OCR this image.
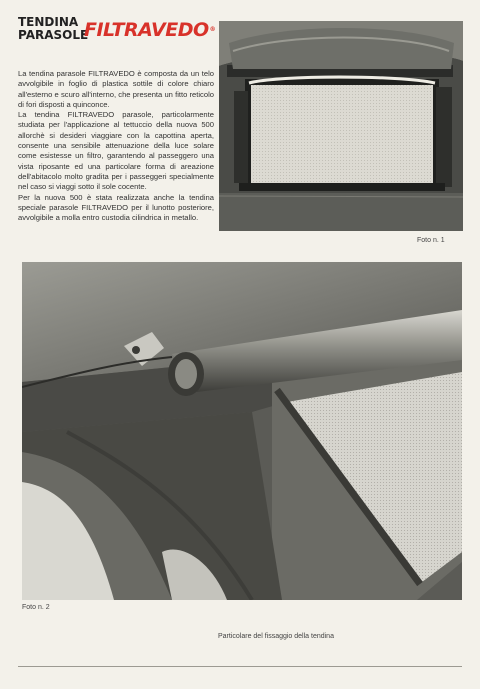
TENDINA
PARASOLE
FILTRAVEDO®

La tendina parasole FILTRAVEDO è composta da un telo avvolgibile in foglio di plastica sottile di colore chiaro all'esterno e scuro all'interno, che presenta un fitto reticolo di fori disposti a quinconce.

La tendina FILTRAVEDO parasole, particolarmente studiata per l'applicazione al tettuccio della nuova 500 allorchè si desideri viaggiare con la capottina aperta, consente una sensibile attenuazione della luce solare come esistesse un filtro, garantendo al passeggero una vista riposante ed una particolare forma di areazione dell'abitacolo molto gradita per i passeggeri specialmente nel caso si viaggi sotto il sole cocente.

Per la nuova 500 è stata realizzata anche la tendina speciale parasole FILTRAVEDO per il lunotto posteriore, avvolgibile a molla entro custodia cilindrica in metallo.

Foto n. 1
Foto n. 2
Particolare del fissaggio della tendina
